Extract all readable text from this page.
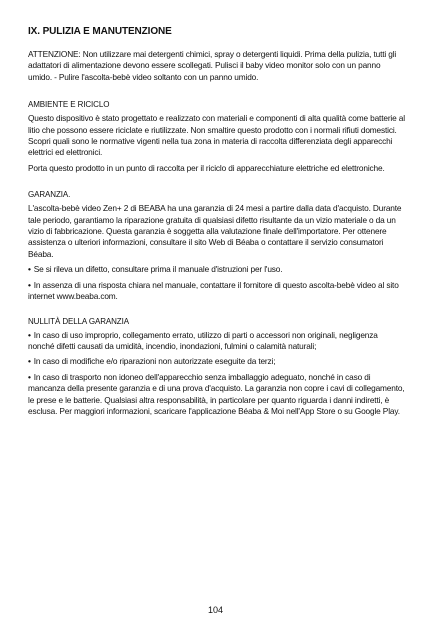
IX. PULIZIA E MANUTENZIONE

ATTENZIONE: Non utilizzare mai detergenti chimici, spray o detergenti liquidi. Prima della pulizia, tutti gli adattatori di alimentazione devono essere scollegati. Pulisci il baby video monitor solo con un panno umido. - Pulire l'ascolta-bebè video soltanto con un panno umido.

AMBIENTE E RICICLO

Questo dispositivo è stato progettato e realizzato con materiali e componenti di alta qualità come batterie al litio che possono essere riciclate e riutilizzate. Non smaltire questo prodotto con i normali rifiuti domestici. Scopri quali sono le normative vigenti nella tua zona in materia di raccolta differenziata degli apparecchi elettrici ed elettronici.

Porta questo prodotto in un punto di raccolta per il riciclo di apparecchiature elettriche ed elettroniche.

GARANZIA.

L'ascolta-bebè video Zen+ 2 di BEABA ha una garanzia di 24 mesi a partire dalla data d'acquisto. Durante tale periodo, garantiamo la riparazione gratuita di qualsiasi difetto risultante da un vizio materiale o da un vizio di fabbricazione. Questa garanzia è soggetta alla valutazione finale dell'importatore. Per ottenere assistenza o ulteriori informazioni, consultare il sito Web di Béaba o contattare il servizio consumatori Béaba.

• Se si rileva un difetto, consultare prima il manuale d'istruzioni per l'uso.

• In assenza di una risposta chiara nel manuale, contattare il fornitore di questo ascolta-bebè video al sito internet www.beaba.com.

NULLITÀ DELLA GARANZIA

• In caso di uso improprio, collegamento errato, utilizzo di parti o accessori non originali, negligenza nonché difetti causati da umidità, incendio, inondazioni, fulmini o calamità naturali;

• In caso di modifiche e/o riparazioni non autorizzate eseguite da terzi;

• In caso di trasporto non idoneo dell'apparecchio senza imballaggio adeguato, nonché in caso di mancanza della presente garanzia e di una prova d'acquisto. La garanzia non copre i cavi di collegamento, le prese e le batterie. Qualsiasi altra responsabilità, in particolare per quanto riguarda i danni indiretti, è esclusa. Per maggiori informazioni, scaricare l'applicazione Béaba & Moi nell'App Store o su Google Play.

104
